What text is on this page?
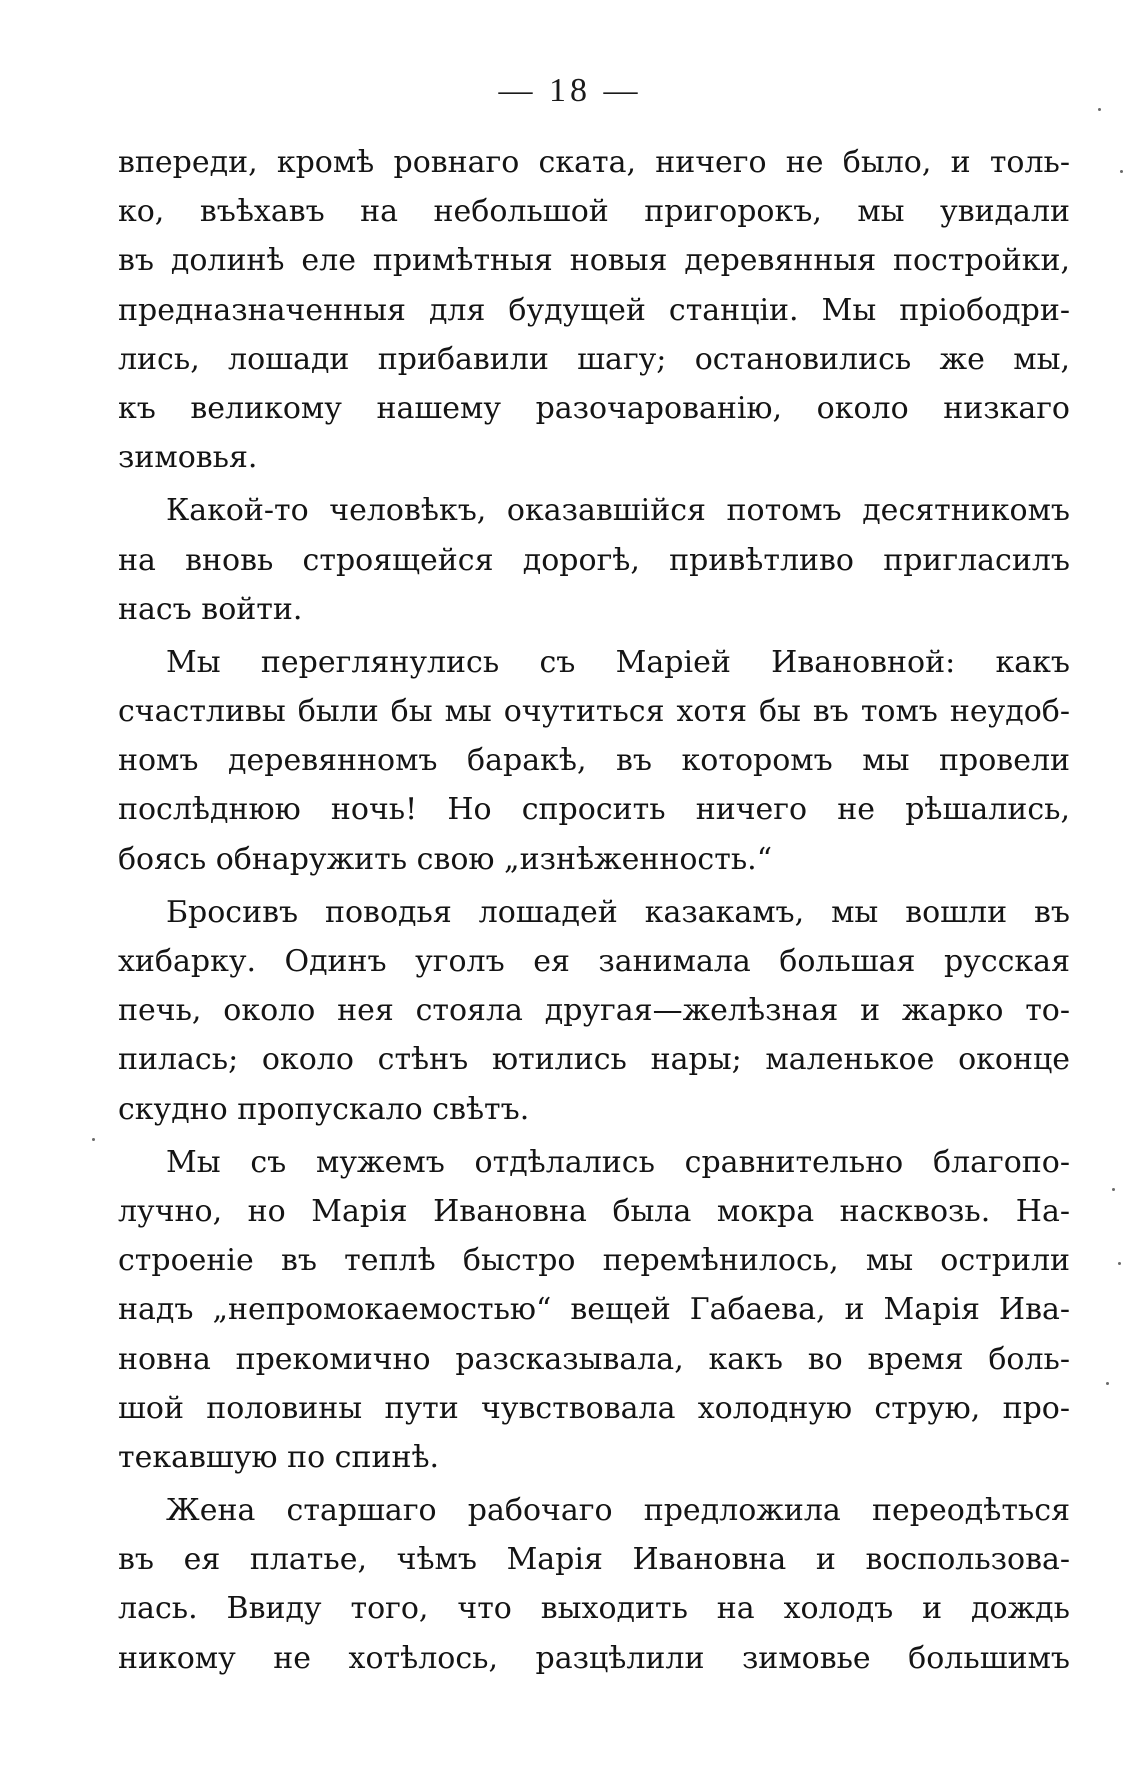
— 18 —
впереди, кромѣ ровнаго ската, ничего не было, и толь-
ко, въѣхавъ на небольшой пригорокъ, мы увидали
въ долинѣ еле примѣтныя новыя деревянныя постройки,
предназначенныя для будущей станціи. Мы пріободри-
лись, лошади прибавили шагу; остановились же мы,
къ великому нашему разочарованію, около низкаго
зимовья.
Какой-то человѣкъ, оказавшійся потомъ десятникомъ
на вновь строящейся дорогѣ, привѣтливо пригласилъ
насъ войти.
Мы переглянулись съ Маріей Ивановной: какъ
счастливы были бы мы очутиться хотя бы въ томъ неудоб-
номъ деревянномъ баракѣ, въ которомъ мы провели
послѣднюю ночь! Но спросить ничего не рѣшались,
боясь обнаружить свою „изнѣженность.“
Бросивъ поводья лошадей казакамъ, мы вошли въ
хибарку. Одинъ уголъ ея занимала большая русская
печь, около нея стояла другая—желѣзная и жарко то-
пилась; около стѣнъ ютились нары; маленькое оконце
скудно пропускало свѣтъ.
Мы съ мужемъ отдѣлались сравнительно благопо-
лучно, но Марія Ивановна была мокра насквозь. На-
строеніе въ теплѣ быстро перемѣнилось, мы острили
надъ „непромокаемостью“ вещей Габаева, и Марія Ива-
новна прекомично разсказывала, какъ во время боль-
шой половины пути чувствовала холодную струю, про-
текавшую по спинѣ.
Жена старшаго рабочаго предложила переодѣться
въ ея платье, чѣмъ Марія Ивановна и воспользова-
лась. Ввиду того, что выходить на холодъ и дождь
никому не хотѣлось, разцѣлили зимовье большимъ
